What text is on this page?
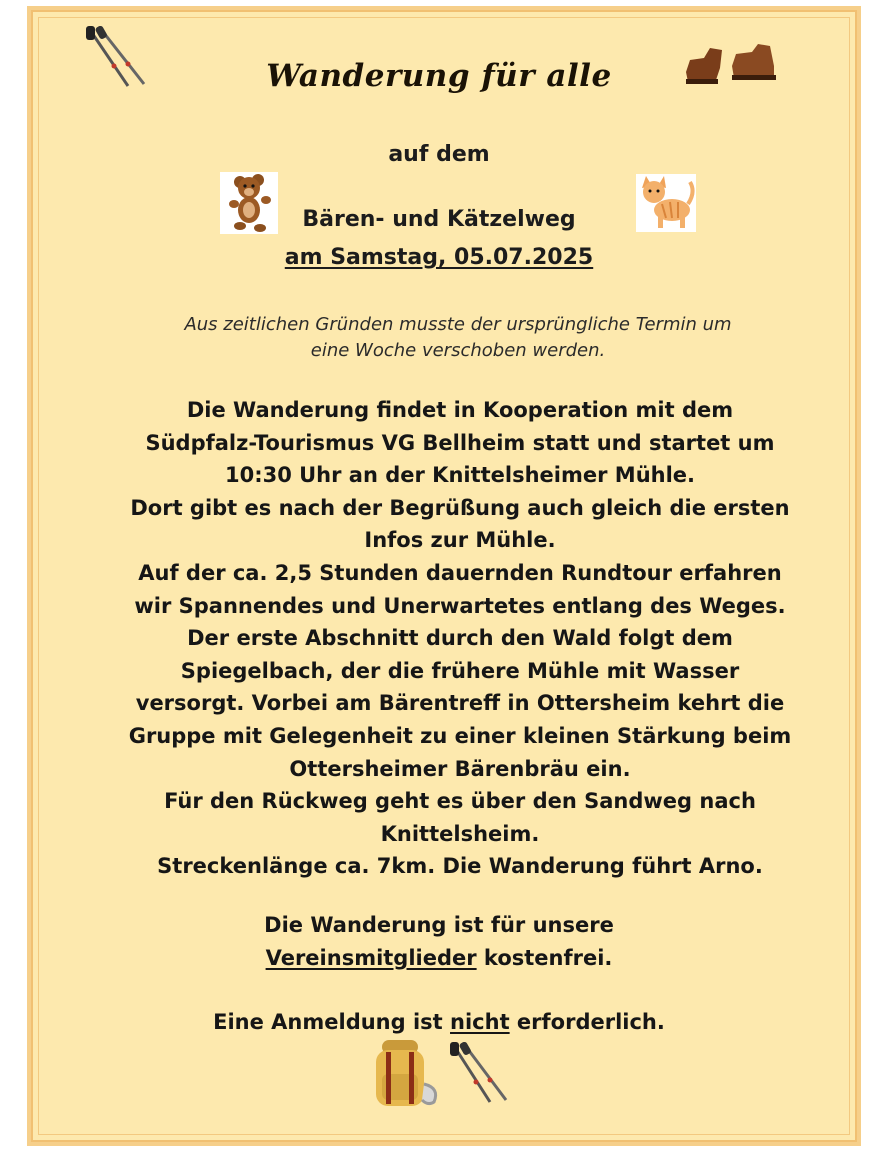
Wanderung für alle
auf dem
Bären- und Kätzelweg
am Samstag, 05.07.2025
Aus zeitlichen Gründen musste der ursprüngliche Termin um
eine Woche verschoben werden.
Die Wanderung findet in Kooperation mit dem
Südpfalz-Tourismus VG Bellheim statt und startet um
10:30 Uhr an der Knittelsheimer Mühle.
Dort gibt es nach der Begrüßung auch gleich die ersten
Infos zur Mühle.
Auf der ca. 2,5 Stunden dauernden Rundtour erfahren
wir Spannendes und Unerwartetes entlang des Weges.
Der erste Abschnitt durch den Wald folgt dem
Spiegelbach, der die frühere Mühle mit Wasser
versorgt. Vorbei am Bärentreff in Ottersheim kehrt die
Gruppe mit Gelegenheit zu einer kleinen Stärkung beim
Ottersheimer Bärenbräu ein.
Für den Rückweg geht es über den Sandweg nach
Knittelsheim.
Streckenlänge ca. 7km. Die Wanderung führt Arno.
Die Wanderung ist für unsere
Vereinsmitglieder kostenfrei.
Eine Anmeldung ist nicht erforderlich.
